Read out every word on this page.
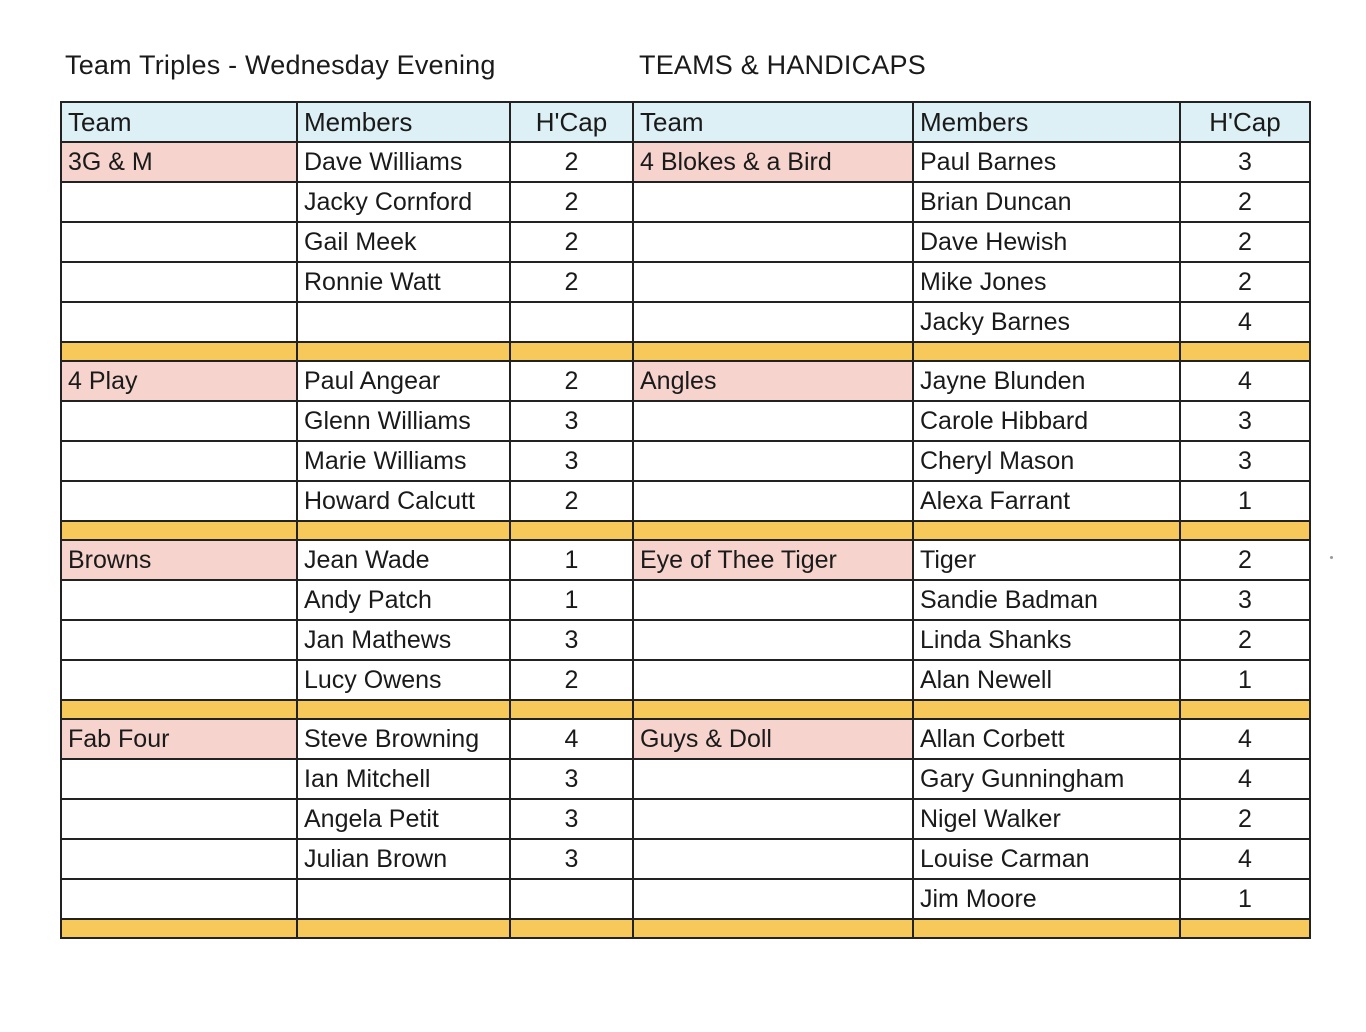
Team Triples - Wednesday Evening	TEAMS & HANDICAPS
Team	Members	H'Cap	Team	Members	H'Cap
3G & M	Dave Williams	2	4 Blokes & a Bird	Paul Barnes	3
	Jacky Cornford	2		Brian Duncan	2
	Gail Meek	2		Dave Hewish	2
	Ronnie Watt	2		Mike Jones	2
				Jacky Barnes	4

4 Play	Paul Angear	2	Angles	Jayne Blunden	4
	Glenn Williams	3		Carole Hibbard	3
	Marie Williams	3		Cheryl Mason	3
	Howard Calcutt	2		Alexa Farrant	1

Browns	Jean Wade	1	Eye of Thee Tiger	Tiger	2
	Andy Patch	1		Sandie Badman	3
	Jan Mathews	3		Linda Shanks	2
	Lucy Owens	2		Alan Newell	1

Fab Four	Steve Browning	4	Guys & Doll	Allan Corbett	4
	Ian Mitchell	3		Gary Gunningham	4
	Angela Petit	3		Nigel Walker	2
	Julian Brown	3		Louise Carman	4
				Jim Moore	1
